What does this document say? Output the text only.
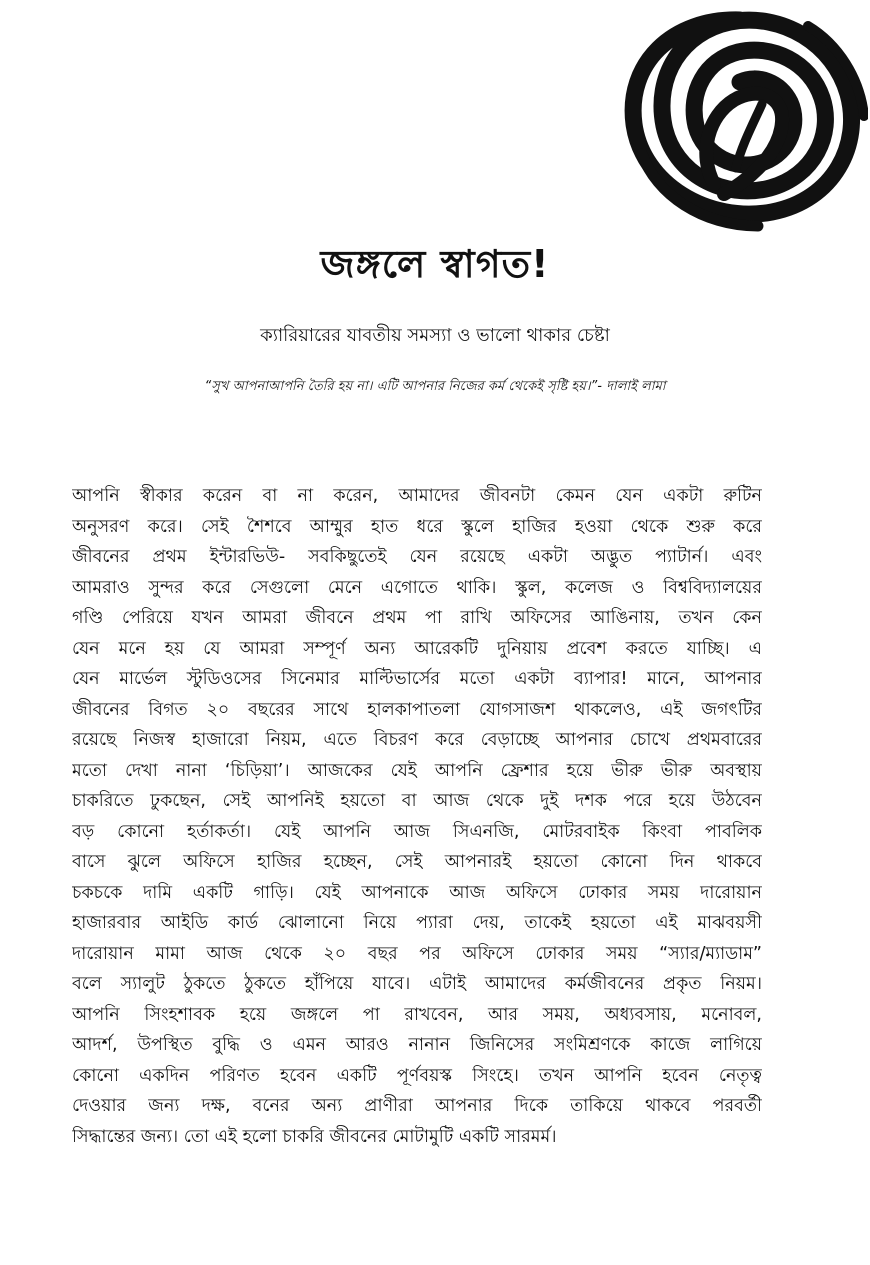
জঙ্গলে স্বাগত!

ক্যারিয়ারের যাবতীয় সমস্যা ও ভালো থাকার চেষ্টা

“সুখ আপনাআপনি তৈরি হয় না। এটি আপনার নিজের কর্ম থেকেই সৃষ্টি হয়।”- দালাই লামা

আপনি স্বীকার করেন বা না করেন, আমাদের জীবনটা কেমন যেন একটা রুটিন
অনুসরণ করে। সেই শৈশবে আম্মুর হাত ধরে স্কুলে হাজির হওয়া থেকে শুরু করে
জীবনের প্রথম ইন্টারভিউ- সবকিছুতেই যেন রয়েছে একটা অদ্ভুত প্যাটার্ন। এবং
আমরাও সুন্দর করে সেগুলো মেনে এগোতে থাকি। স্কুল, কলেজ ও বিশ্ববিদ্যালয়ের
গণ্ডি পেরিয়ে যখন আমরা জীবনে প্রথম পা রাখি অফিসের আঙিনায়, তখন কেন
যেন মনে হয় যে আমরা সম্পূর্ণ অন্য আরেকটি দুনিয়ায় প্রবেশ করতে যাচ্ছি। এ
যেন মার্ভেল স্টুডিওসের সিনেমার মাল্টিভার্সের মতো একটা ব্যাপার! মানে, আপনার
জীবনের বিগত ২০ বছরের সাথে হালকাপাতলা যোগসাজশ থাকলেও, এই জগৎটির
রয়েছে নিজস্ব হাজারো নিয়ম, এতে বিচরণ করে বেড়াচ্ছে আপনার চোখে প্রথমবারের
মতো দেখা নানা ‘চিড়িয়া’। আজকের যেই আপনি ফ্রেশার হয়ে ভীরু ভীরু অবস্থায়
চাকরিতে ঢুকছেন, সেই আপনিই হয়তো বা আজ থেকে দুই দশক পরে হয়ে উঠবেন
বড় কোনো হর্তাকর্তা। যেই আপনি আজ সিএনজি, মোটরবাইক কিংবা পাবলিক
বাসে ঝুলে অফিসে হাজির হচ্ছেন, সেই আপনারই হয়তো কোনো দিন থাকবে
চকচকে দামি একটি গাড়ি। যেই আপনাকে আজ অফিসে ঢোকার সময় দারোয়ান
হাজারবার আইডি কার্ড ঝোলানো নিয়ে প্যারা দেয়, তাকেই হয়তো এই মাঝবয়সী
দারোয়ান মামা আজ থেকে ২০ বছর পর অফিসে ঢোকার সময় “স্যার/ম্যাডাম”
বলে স্যালুট ঠুকতে ঠুকতে হাঁপিয়ে যাবে। এটাই আমাদের কর্মজীবনের প্রকৃত নিয়ম।
আপনি সিংহশাবক হয়ে জঙ্গলে পা রাখবেন, আর সময়, অধ্যবসায়, মনোবল,
আদর্শ, উপস্থিত বুদ্ধি ও এমন আরও নানান জিনিসের সংমিশ্রণকে কাজে লাগিয়ে
কোনো একদিন পরিণত হবেন একটি পূর্ণবয়স্ক সিংহে। তখন আপনি হবেন নেতৃত্ব
দেওয়ার জন্য দক্ষ, বনের অন্য প্রাণীরা আপনার দিকে তাকিয়ে থাকবে পরবর্তী
সিদ্ধান্তের জন্য। তো এই হলো চাকরি জীবনের মোটামুটি একটি সারমর্ম।
